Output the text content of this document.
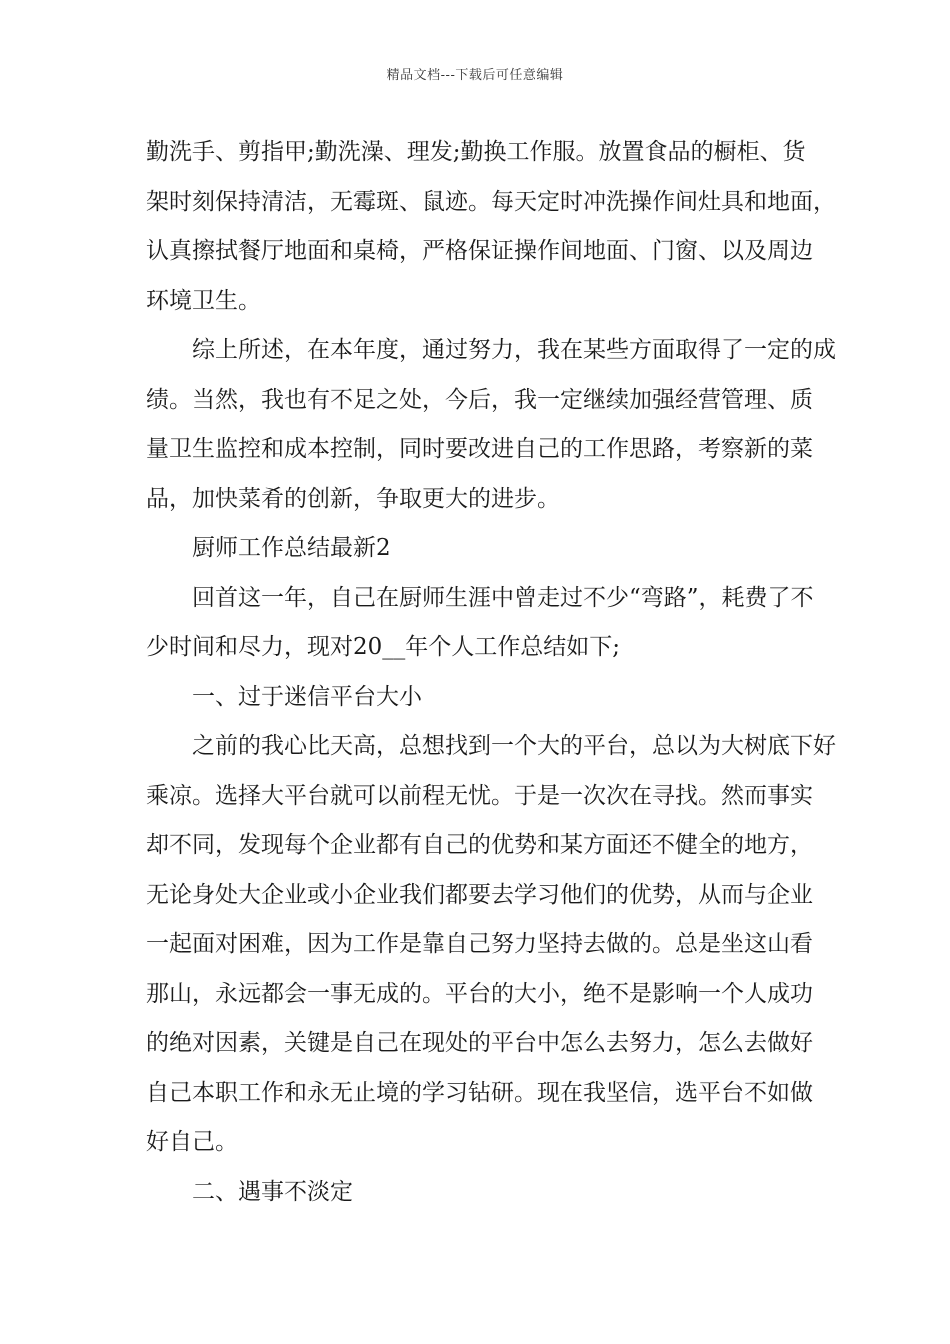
精品文档---下载后可任意编辑
勤洗手、剪指甲;勤洗澡、理发;勤换工作服。放置食品的橱柜、货
架时刻保持清洁，无霉斑、鼠迹。每天定时冲洗操作间灶具和地面，
认真擦拭餐厅地面和桌椅，严格保证操作间地面、门窗、以及周边
环境卫生。
　　综上所述，在本年度，通过努力，我在某些方面取得了一定的成
绩。当然，我也有不足之处，今后，我一定继续加强经营管理、质
量卫生监控和成本控制，同时要改进自己的工作思路，考察新的菜
品，加快菜肴的创新，争取更大的进步。
　　厨师工作总结最新2
　　回首这一年，自己在厨师生涯中曾走过不少“弯路”，耗费了不
少时间和尽力，现对20__年个人工作总结如下;
　　一、过于迷信平台大小
　　之前的我心比天高，总想找到一个大的平台，总以为大树底下好
乘凉。选择大平台就可以前程无忧。于是一次次在寻找。然而事实
却不同，发现每个企业都有自己的优势和某方面还不健全的地方，
无论身处大企业或小企业我们都要去学习他们的优势，从而与企业
一起面对困难，因为工作是靠自己努力坚持去做的。总是坐这山看
那山，永远都会一事无成的。平台的大小，绝不是影响一个人成功
的绝对因素，关键是自己在现处的平台中怎么去努力，怎么去做好
自己本职工作和永无止境的学习钻研。现在我坚信，选平台不如做
好自己。
　　二、遇事不淡定
